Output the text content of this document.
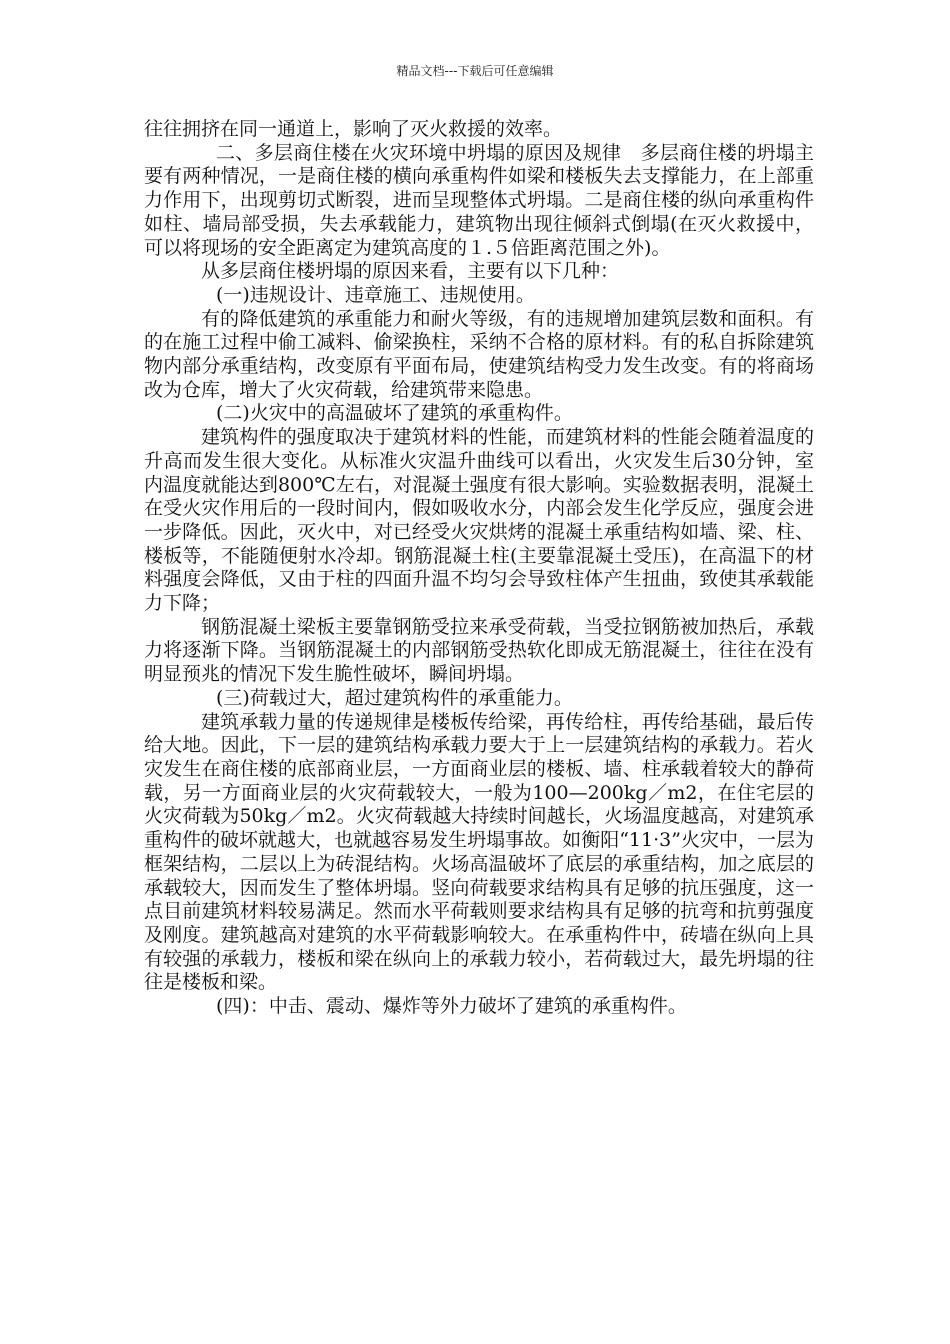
精品文档---下载后可任意编辑

往往拥挤在同一通道上，影响了灭火救援的效率。

二、多层商住楼在火灾环境中坍塌的原因及规律　多层商住楼的坍塌主要有两种情况，一是商住楼的横向承重构件如梁和楼板失去支撑能力，在上部重力作用下，出现剪切式断裂，进而呈现整体式坍塌。二是商住楼的纵向承重构件如柱、墙局部受损，失去承载能力，建筑物出现往倾斜式倒塌(在灭火救援中，可以将现场的安全距离定为建筑高度的１.５倍距离范围之外)。

从多层商住楼坍塌的原因来看，主要有以下几种：

(一)违规设计、违章施工、违规使用。

有的降低建筑的承重能力和耐火等级，有的违规增加建筑层数和面积。有的在施工过程中偷工减料、偷梁换柱，采纳不合格的原材料。有的私自拆除建筑物内部分承重结构，改变原有平面布局，使建筑结构受力发生改变。有的将商场改为仓库，增大了火灾荷载，给建筑带来隐患。

(二)火灾中的高温破坏了建筑的承重构件。

建筑构件的强度取决于建筑材料的性能，而建筑材料的性能会随着温度的升高而发生很大变化。从标准火灾温升曲线可以看出，火灾发生后30分钟，室内温度就能达到800℃左右，对混凝土强度有很大影响。实验数据表明，混凝土在受火灾作用后的一段时间内，假如吸收水分，内部会发生化学反应，强度会进一步降低。因此，灭火中，对已经受火灾烘烤的混凝土承重结构如墙、梁、柱、楼板等，不能随便射水冷却。钢筋混凝土柱(主要靠混凝土受压)，在高温下的材料强度会降低，又由于柱的四面升温不均匀会导致柱体产生扭曲，致使其承载能力下降；

钢筋混凝土梁板主要靠钢筋受拉来承受荷载，当受拉钢筋被加热后，承载力将逐渐下降。当钢筋混凝土的内部钢筋受热软化即成无筋混凝土，往往在没有明显预兆的情况下发生脆性破坏，瞬间坍塌。

(三)荷载过大，超过建筑构件的承重能力。

建筑承载力量的传递规律是楼板传给梁，再传给柱，再传给基础，最后传给大地。因此，下一层的建筑结构承载力要大于上一层建筑结构的承载力。若火灾发生在商住楼的底部商业层，一方面商业层的楼板、墙、柱承载着较大的静荷载，另一方面商业层的火灾荷载较大，一般为100—200kg／m2，在住宅层的火灾荷载为50kg／m2。火灾荷载越大持续时间越长，火场温度越高，对建筑承重构件的破坏就越大，也就越容易发生坍塌事故。如衡阳“11·3”火灾中，一层为框架结构，二层以上为砖混结构。火场高温破坏了底层的承重结构，加之底层的承载较大，因而发生了整体坍塌。竖向荷载要求结构具有足够的抗压强度，这一点目前建筑材料较易满足。然而水平荷载则要求结构具有足够的抗弯和抗剪强度及刚度。建筑越高对建筑的水平荷载影响较大。在承重构件中，砖墙在纵向上具有较强的承载力，楼板和梁在纵向上的承载力较小，若荷载过大，最先坍塌的往往是楼板和梁。

(四)：中击、震动、爆炸等外力破坏了建筑的承重构件。
